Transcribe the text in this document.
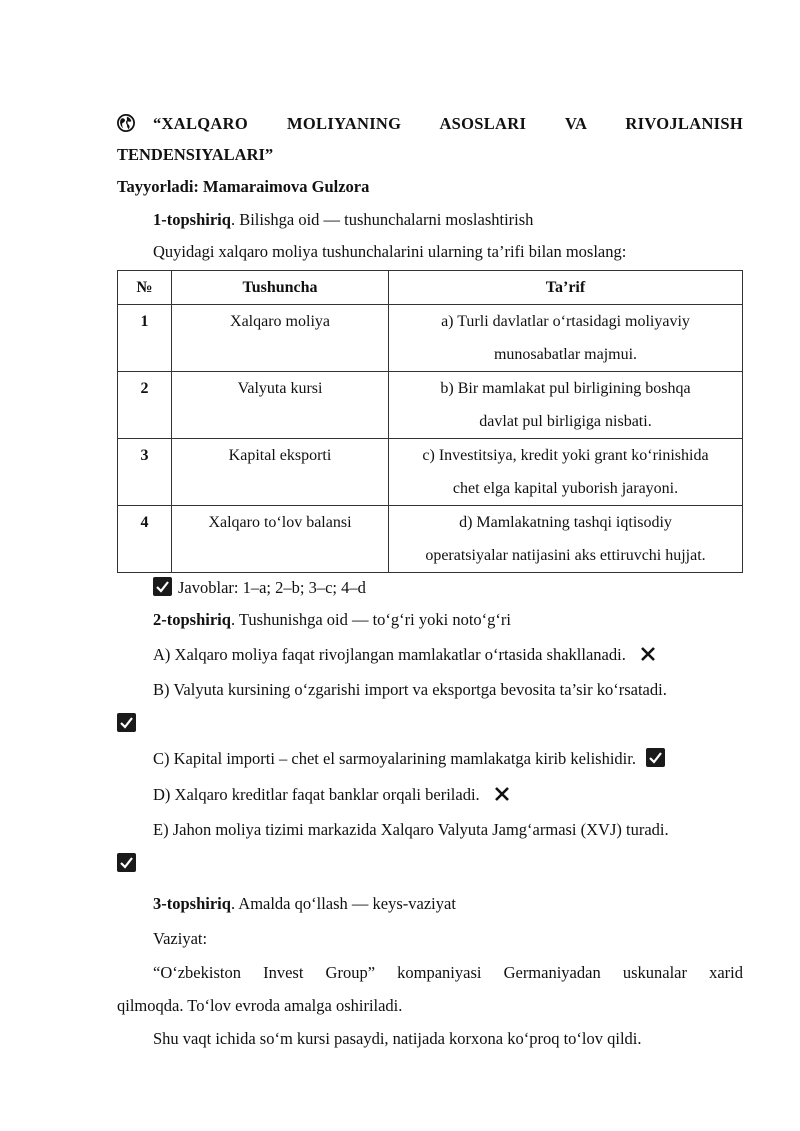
“XALQARO MOLIYANING ASOSLARI VA RIVOJLANISH
TENDENSIYALARI”
Tayyorladi: Mamaraimova Gulzora
1-topshiriq. Bilishga oid — tushunchalarni moslashtirish
Quyidagi xalqaro moliya tushunchalarini ularning ta’rifi bilan moslang:
№	Tushuncha	Ta’rif
1	Xalqaro moliya	a) Turli davlatlar o‘rtasidagi moliyaviy
munosabatlar majmui.

2	Valyuta kursi	b) Bir mamlakat pul birligining boshqa
davlat pul birligiga nisbati.

3	Kapital eksporti	c) Investitsiya, kredit yoki grant ko‘rinishida
chet elga kapital yuborish jarayoni.

4	Xalqaro to‘lov balansi	d) Mamlakatning tashqi iqtisodiy
operatsiyalar natijasini aks ettiruvchi hujjat.
Javoblar: 1–a; 2–b; 3–c; 4–d
2-topshiriq. Tushunishga oid — to‘g‘ri yoki noto‘g‘ri
A) Xalqaro moliya faqat rivojlangan mamlakatlar o‘rtasida shakllanadi.
B) Valyuta kursining o‘zgarishi import va eksportga bevosita ta’sir ko‘rsatadi.
C) Kapital importi – chet el sarmoyalarining mamlakatga kirib kelishidir.
D) Xalqaro kreditlar faqat banklar orqali beriladi.
E) Jahon moliya tizimi markazida Xalqaro Valyuta Jamg‘armasi (XVJ) turadi.
3-topshiriq. Amalda qo‘llash — keys-vaziyat
Vaziyat:
“O‘zbekiston Invest Group” kompaniyasi Germaniyadan uskunalar xarid
qilmoqda. To‘lov evroda amalga oshiriladi.
Shu vaqt ichida so‘m kursi pasaydi, natijada korxona ko‘proq to‘lov qildi.
